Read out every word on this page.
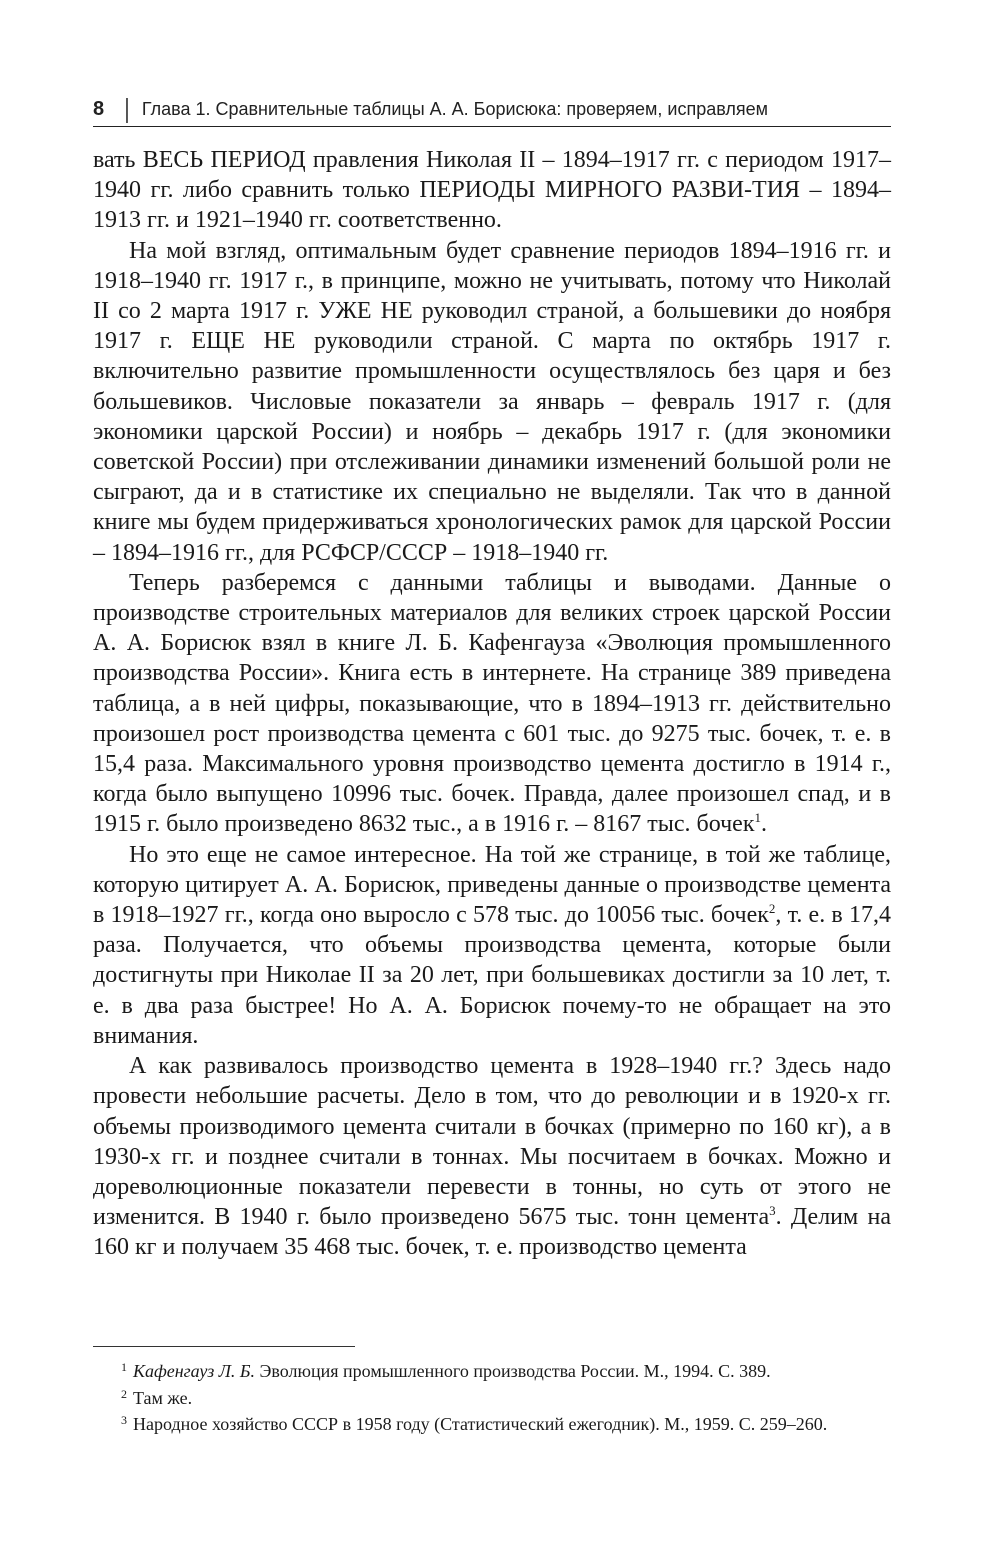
8 | Глава 1. Сравнительные таблицы А. А. Борисюка: проверяем, исправляем

вать ВЕСЬ ПЕРИОД правления Николая II – 1894–1917 гг. с периодом 1917–1940 гг. либо сравнить только ПЕРИОДЫ МИРНОГО РАЗВИ-ТИЯ – 1894–1913 гг. и 1921–1940 гг. соответственно.

На мой взгляд, оптимальным будет сравнение периодов 1894–1916 гг. и 1918–1940 гг. 1917 г., в принципе, можно не учитывать, потому что Николай II со 2 марта 1917 г. УЖЕ НЕ руководил страной, а большевики до ноября 1917 г. ЕЩЕ НЕ руководили страной. С марта по октябрь 1917 г. включительно развитие промышленности осуществлялось без царя и без большевиков. Числовые показатели за январь – февраль 1917 г. (для экономики царской России) и ноябрь – декабрь 1917 г. (для экономики советской России) при отслеживании динамики изменений большой роли не сыграют, да и в статистике их специально не выделяли. Так что в данной книге мы будем придерживаться хронологических рамок для царской России – 1894–1916 гг., для РСФСР/СССР – 1918–1940 гг.

Теперь разберемся с данными таблицы и выводами. Данные о производстве строительных материалов для великих строек царской России А. А. Борисюк взял в книге Л. Б. Кафенгауза «Эволюция промышленного производства России». Книга есть в интернете. На странице 389 приведена таблица, а в ней цифры, показывающие, что в 1894–1913 гг. действительно произошел рост производства цемента с 601 тыс. до 9275 тыс. бочек, т. е. в 15,4 раза. Максимального уровня производство цемента достигло в 1914 г., когда было выпущено 10996 тыс. бочек. Правда, далее произошел спад, и в 1915 г. было произведено 8632 тыс., а в 1916 г. – 8167 тыс. бочек$^1$.

Но это еще не самое интересное. На той же странице, в той же таблице, которую цитирует А. А. Борисюк, приведены данные о производстве цемента в 1918–1927 гг., когда оно выросло с 578 тыс. до 10056 тыс. бочек$^2$, т. е. в 17,4 раза. Получается, что объемы производства цемента, которые были достигнуты при Николае II за 20 лет, при большевиках достигли за 10 лет, т. е. в два раза быстрее! Но А. А. Борисюк почему-то не обращает на это внимания.

А как развивалось производство цемента в 1928–1940 гг.? Здесь надо провести небольшие расчеты. Дело в том, что до революции и в 1920-х гг. объемы производимого цемента считали в бочках (примерно по 160 кг), а в 1930-х гг. и позднее считали в тоннах. Мы посчитаем в бочках. Можно и дореволюционные показатели перевести в тонны, но суть от этого не изменится. В 1940 г. было произведено 5675 тыс. тонн цемента$^3$. Делим на 160 кг и получаем 35 468 тыс. бочек, т. е. производство цемента

$^1$ Кафенгауз Л. Б. Эволюция промышленного производства России. М., 1994. С. 389.

$^2$ Там же.

$^3$ Народное хозяйство СССР в 1958 году (Статистический ежегодник). М., 1959. С. 259–260.
